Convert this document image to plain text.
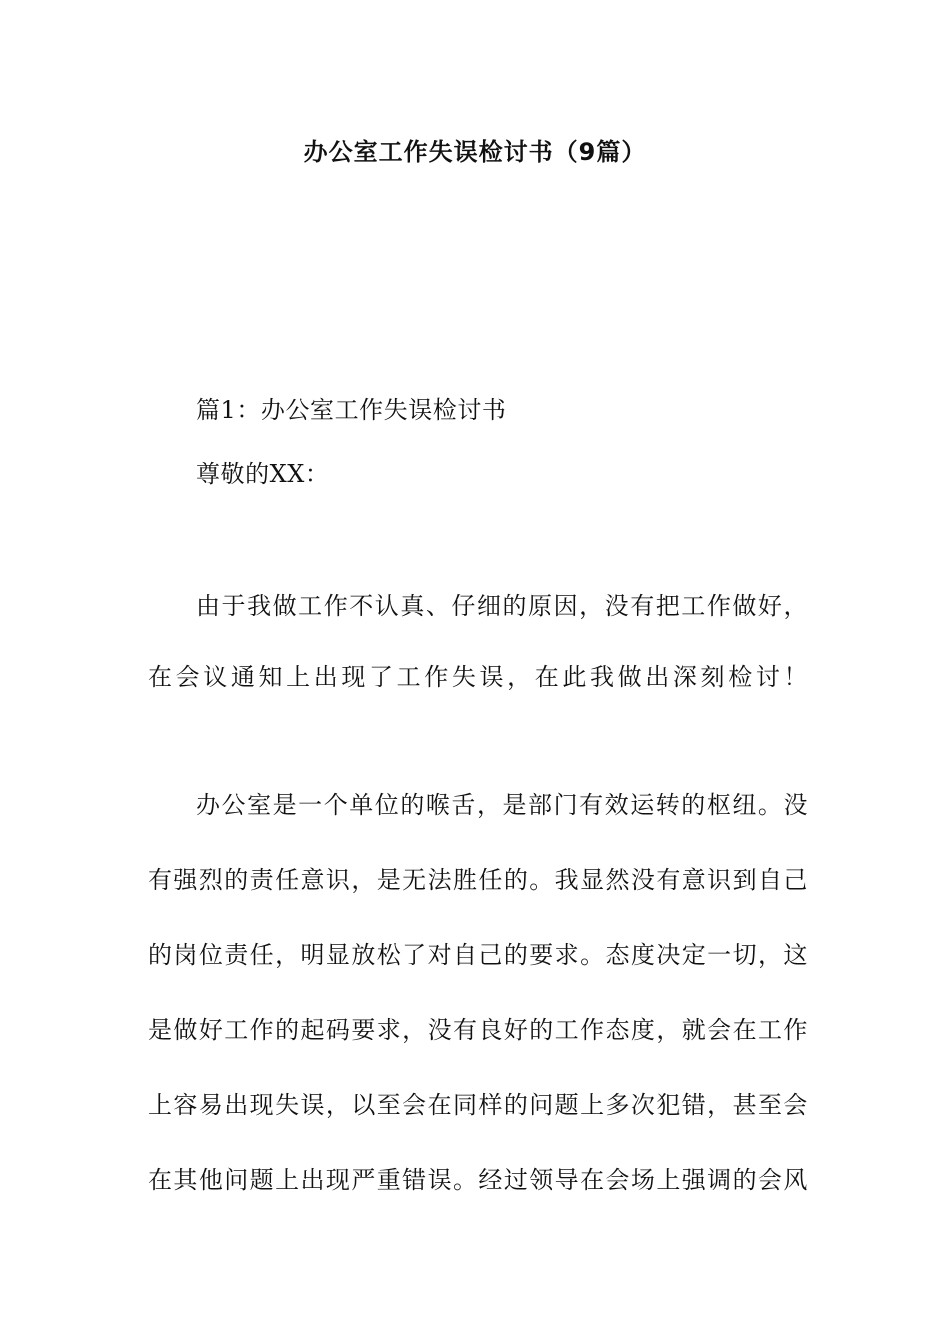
办公室工作失误检讨书（9篇）
篇1：办公室工作失误检讨书
尊敬的XX：
由于我做工作不认真、仔细的原因，没有把工作做好，
在会议通知上出现了工作失误，在此我做出深刻检讨！
办公室是一个单位的喉舌，是部门有效运转的枢纽。没
有强烈的责任意识，是无法胜任的。我显然没有意识到自己
的岗位责任，明显放松了对自己的要求。态度决定一切，这
是做好工作的起码要求，没有良好的工作态度，就会在工作
上容易出现失误，以至会在同样的问题上多次犯错，甚至会
在其他问题上出现严重错误。经过领导在会场上强调的会风
